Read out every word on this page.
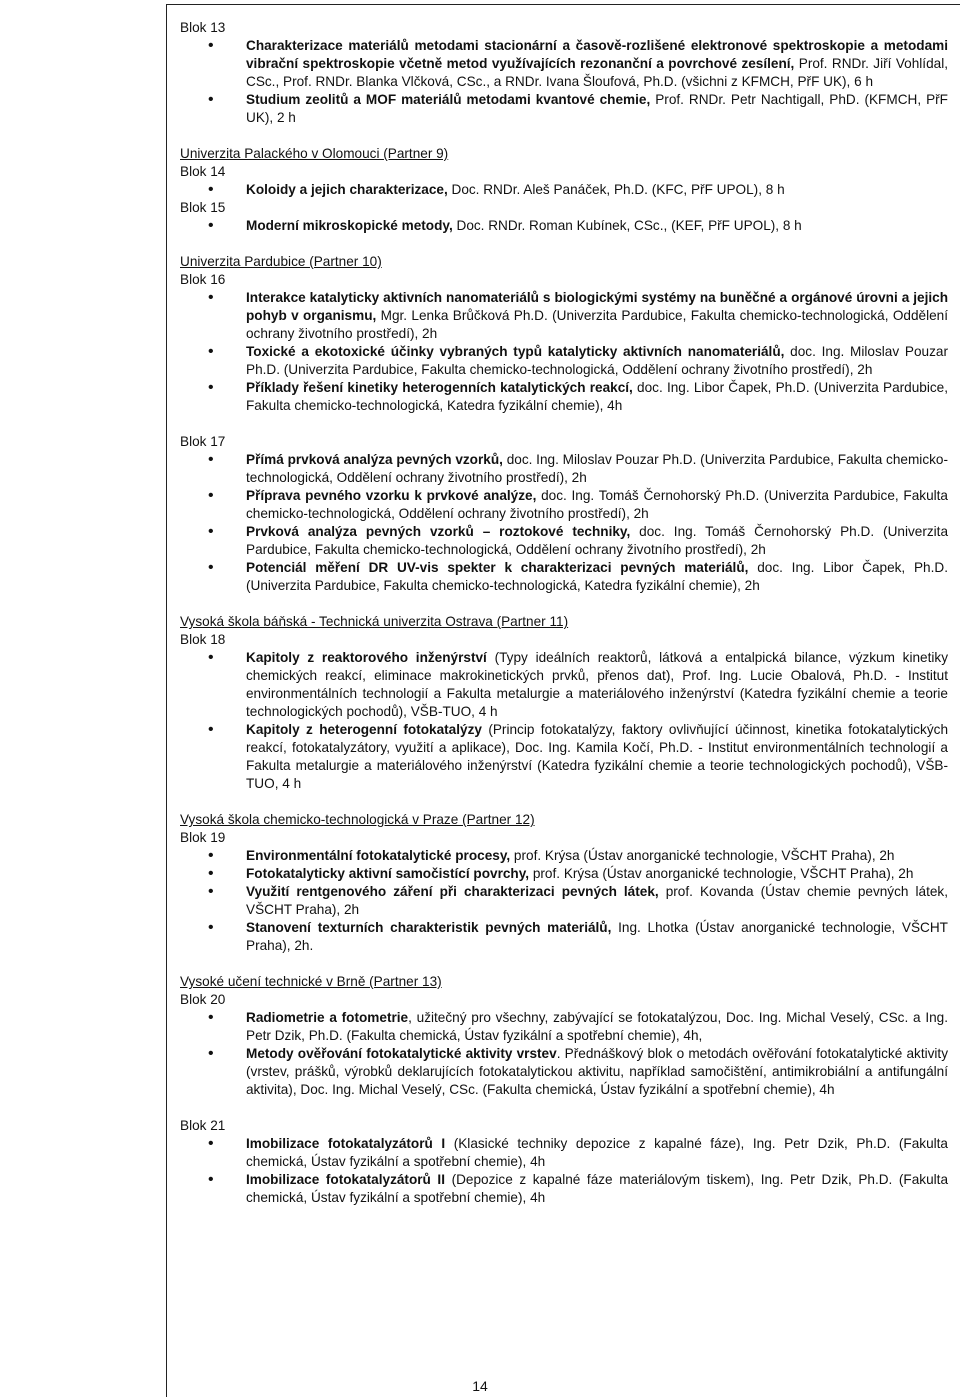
Blok 13
• Charakterizace materiálů metodami stacionární a časově-rozlišené elektronové spektroskopie a metodami vibrační spektroskopie včetně metod využívajících rezonanční a povrchové zesílení, Prof. RNDr. Jiří Vohlídal, CSc., Prof. RNDr. Blanka Vlčková, CSc., a RNDr. Ivana Šloufová, Ph.D. (všichni z KFMCH, PřF UK), 6 h
• Studium zeolitů a MOF materiálů metodami kvantové chemie, Prof. RNDr. Petr Nachtigall, PhD. (KFMCH, PřF UK), 2 h
Univerzita Palackého v Olomouci (Partner 9)
Blok 14
• Koloidy a jejich charakterizace, Doc. RNDr. Aleš Panáček, Ph.D. (KFC, PřF UPOL), 8 h
Blok 15
• Moderní mikroskopické metody, Doc. RNDr. Roman Kubínek, CSc., (KEF, PřF UPOL), 8 h
Univerzita Pardubice (Partner 10)
Blok 16
• Interakce katalyticky aktivních nanomateriálů s biologickými systémy na buněčné a orgánové úrovni a jejich pohyb v organismu, Mgr. Lenka Brůčková Ph.D. (Univerzita Pardubice, Fakulta chemicko-technologická, Oddělení ochrany životního prostředí), 2h
• Toxické a ekotoxické účinky vybraných typů katalyticky aktivních nanomateriálů, doc. Ing. Miloslav Pouzar Ph.D. (Univerzita Pardubice, Fakulta chemicko-technologická, Oddělení ochrany životního prostředí), 2h
• Příklady řešení kinetiky heterogenních katalytických reakcí, doc. Ing. Libor Čapek, Ph.D. (Univerzita Pardubice, Fakulta chemicko-technologická, Katedra fyzikální chemie), 4h
Blok 17
• Přímá prvková analýza pevných vzorků, doc. Ing. Miloslav Pouzar Ph.D. (Univerzita Pardubice, Fakulta chemicko-technologická, Oddělení ochrany životního prostředí), 2h
• Příprava pevného vzorku k prvkové analýze, doc. Ing. Tomáš Černohorský Ph.D. (Univerzita Pardubice, Fakulta chemicko-technologická, Oddělení ochrany životního prostředí), 2h
• Prvková analýza pevných vzorků – roztokové techniky, doc. Ing. Tomáš Černohorský Ph.D. (Univerzita Pardubice, Fakulta chemicko-technologická, Oddělení ochrany životního prostředí), 2h
• Potenciál měření DR UV-vis spekter k charakterizaci pevných materiálů, doc. Ing. Libor Čapek, Ph.D. (Univerzita Pardubice, Fakulta chemicko-technologická, Katedra fyzikální chemie), 2h
Vysoká škola báňská - Technická univerzita Ostrava (Partner 11)
Blok 18
• Kapitoly z reaktorového inženýrství (Typy ideálních reaktorů, látková a entalpická bilance, výzkum kinetiky chemických reakcí, eliminace makrokinetických prvků, přenos dat), Prof. Ing. Lucie Obalová, Ph.D. - Institut environmentálních technologií a Fakulta metalurgie a materiálového inženýrství (Katedra fyzikální chemie a teorie technologických pochodů), VŠB-TUO, 4 h
• Kapitoly z heterogenní fotokatalýzy (Princip fotokatalýzy, faktory ovlivňující účinnost, kinetika fotokatalytických reakcí, fotokatalyzátory, využití a aplikace), Doc. Ing. Kamila Kočí, Ph.D. - Institut environmentálních technologií a Fakulta metalurgie a materiálového inženýrství (Katedra fyzikální chemie a teorie technologických pochodů), VŠB-TUO, 4 h
Vysoká škola chemicko-technologická v Praze (Partner 12)
Blok 19
• Environmentální fotokatalytické procesy, prof. Krýsa (Ústav anorganické technologie, VŠCHT Praha), 2h
• Fotokatalyticky aktivní samočistící povrchy, prof. Krýsa (Ústav anorganické technologie, VŠCHT Praha), 2h
• Využití rentgenového záření při charakterizaci pevných látek, prof. Kovanda (Ústav chemie pevných látek, VŠCHT Praha), 2h
• Stanovení texturních charakteristik pevných materiálů, Ing. Lhotka (Ústav anorganické technologie, VŠCHT Praha), 2h.
Vysoké učení technické v Brně (Partner 13)
Blok 20
• Radiometrie a fotometrie, užitečný pro všechny, zabývající se fotokatalýzou, Doc. Ing. Michal Veselý, CSc. a Ing. Petr Dzik, Ph.D. (Fakulta chemická, Ústav fyzikální a spotřební chemie), 4h,
• Metody ověřování fotokatalytické aktivity vrstev. Přednáškový blok o metodách ověřování fotokatalytické aktivity (vrstev, prášků, výrobků deklarujících fotokatalytickou aktivitu, například samočištění, antimikrobiální a antifungální aktivita), Doc. Ing. Michal Veselý, CSc. (Fakulta chemická, Ústav fyzikální a spotřební chemie), 4h
Blok 21
• Imobilizace fotokatalyzátorů I (Klasické techniky depozice z kapalné fáze), Ing. Petr Dzik, Ph.D. (Fakulta chemická, Ústav fyzikální a spotřební chemie), 4h
• Imobilizace fotokatalyzátorů II (Depozice z kapalné fáze materiálovým tiskem), Ing. Petr Dzik, Ph.D. (Fakulta chemická, Ústav fyzikální a spotřební chemie), 4h
14
